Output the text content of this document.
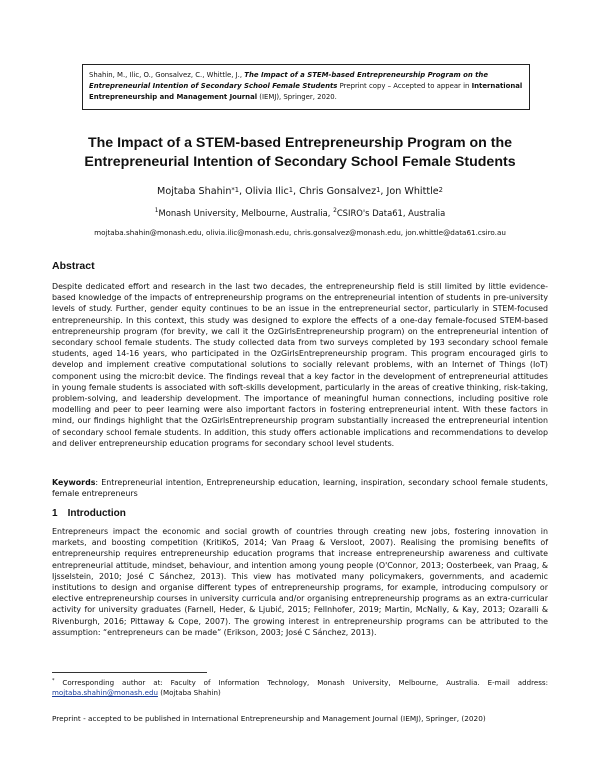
Shahin, M., Ilic, O., Gonsalvez, C., Whittle, J., The Impact of a STEM-based Entrepreneurship Program on the Entrepreneurial Intention of Secondary School Female Students Preprint copy – Accepted to appear in International Entrepreneurship and Management Journal (IEMJ), Springer, 2020.
The Impact of a STEM-based Entrepreneurship Program on the
Entrepreneurial Intention of Secondary School Female Students
Mojtaba Shahin$^{*1}$, Olivia Ilic$^1$, Chris Gonsalvez$^1$, Jon Whittle$^2$
$^1$Monash University, Melbourne, Australia, $^2$CSIRO's Data61, Australia
mojtaba.shahin@monash.edu, olivia.ilic@monash.edu, chris.gonsalvez@monash.edu, jon.whittle@data61.csiro.au
Abstract
Despite dedicated effort and research in the last two decades, the entrepreneurship field is still limited by little evidence-based knowledge of the impacts of entrepreneurship programs on the entrepreneurial intention of students in pre-university levels of study. Further, gender equity continues to be an issue in the entrepreneurial sector, particularly in STEM-focused entrepreneurship. In this context, this study was designed to explore the effects of a one-day female-focused STEM-based entrepreneurship program (for brevity, we call it the OzGirlsEntrepreneurship program) on the entrepreneurial intention of secondary school female students. The study collected data from two surveys completed by 193 secondary school female students, aged 14-16 years, who participated in the OzGirlsEntrepreneurship program. This program encouraged girls to develop and implement creative computational solutions to socially relevant problems, with an Internet of Things (IoT) component using the micro:bit device. The findings reveal that a key factor in the development of entrepreneurial attitudes in young female students is associated with soft-skills development, particularly in the areas of creative thinking, risk-taking, problem-solving, and leadership development. The importance of meaningful human connections, including positive role modelling and peer to peer learning were also important factors in fostering entrepreneurial intent. With these factors in mind, our findings highlight that the OzGirlsEntrepreneurship program substantially increased the entrepreneurial intention of secondary school female students. In addition, this study offers actionable implications and recommendations to develop and deliver entrepreneurship education programs for secondary school level students.
Keywords: Entrepreneurial intention, Entrepreneurship education, learning, inspiration, secondary school female students, female entrepreneurs
1 Introduction
Entrepreneurs impact the economic and social growth of countries through creating new jobs, fostering innovation in markets, and boosting competition (KritiKoS, 2014; Van Praag & Versloot, 2007). Realising the promising benefits of entrepreneurship requires entrepreneurship education programs that increase entrepreneurship awareness and cultivate entrepreneurial attitude, mindset, behaviour, and intention among young people (O'Connor, 2013; Oosterbeek, van Praag, & Ijsselstein, 2010; José C Sánchez, 2013). This view has motivated many policymakers, governments, and academic institutions to design and organise different types of entrepreneurship programs, for example, introducing compulsory or elective entrepreneurship courses in university curricula and/or organising entrepreneurship programs as an extra-curricular activity for university graduates (Farnell, Heder, & Ljubić, 2015; Fellnhofer, 2019; Martin, McNally, & Kay, 2013; Ozaralli & Rivenburgh, 2016; Pittaway & Cope, 2007). The growing interest in entrepreneurship programs can be attributed to the assumption: “entrepreneurs can be made” (Erikson, 2003; José C Sánchez, 2013).
* Corresponding author at: Faculty of Information Technology, Monash University, Melbourne, Australia. E-mail address: mojtaba.shahin@monash.edu (Mojtaba Shahin)
Preprint - accepted to be published in International Entrepreneurship and Management Journal (IEMJ), Springer, (2020)
